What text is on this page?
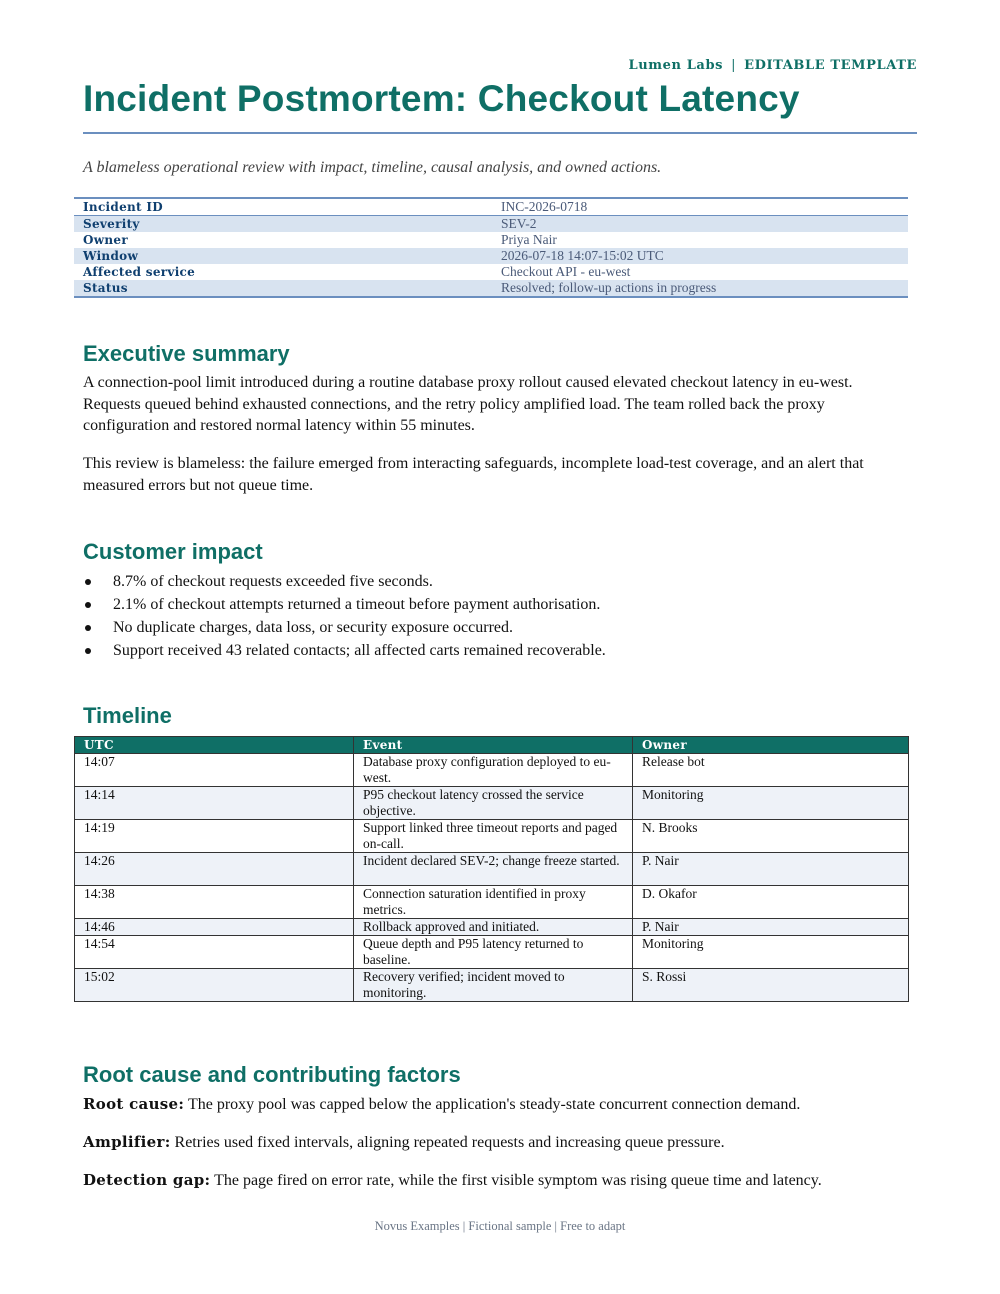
Lumen Labs | EDITABLE TEMPLATE
Incident Postmortem: Checkout Latency
A blameless operational review with impact, timeline, causal analysis, and owned actions.
Incident ID	INC-2026-0718
Severity	SEV-2
Owner	Priya Nair
Window	2026-07-18 14:07-15:02 UTC
Affected service	Checkout API - eu-west
Status	Resolved; follow-up actions in progress
Executive summary

A connection-pool limit introduced during a routine database proxy rollout caused elevated checkout latency in eu-west. Requests queued behind exhausted connections, and the retry policy amplified load. The team rolled back the proxy configuration and restored normal latency within 55 minutes.

This review is blameless: the failure emerged from interacting safeguards, incomplete load-test coverage, and an alert that measured errors but not queue time.

Customer impact
8.7% of checkout requests exceeded five seconds.
2.1% of checkout attempts returned a timeout before payment authorisation.
No duplicate charges, data loss, or security exposure occurred.
Support received 43 related contacts; all affected carts remained recoverable.
Timeline
UTC	Event	Owner
14:07	Database proxy configuration deployed to eu-west.	Release bot
14:14	P95 checkout latency crossed the service objective.	Monitoring
14:19	Support linked three timeout reports and paged on-call.	N. Brooks
14:26	Incident declared SEV-2; change freeze started.	P. Nair
14:38	Connection saturation identified in proxy metrics.	D. Okafor
14:46	Rollback approved and initiated.	P. Nair
14:54	Queue depth and P95 latency returned to baseline.	Monitoring
15:02	Recovery verified; incident moved to monitoring.	S. Rossi
Root cause and contributing factors

Root cause: The proxy pool was capped below the application's steady-state concurrent connection demand.

Amplifier: Retries used fixed intervals, aligning repeated requests and increasing queue pressure.

Detection gap: The page fired on error rate, while the first visible symptom was rising queue time and latency.

Novus Examples | Fictional sample | Free to adapt
